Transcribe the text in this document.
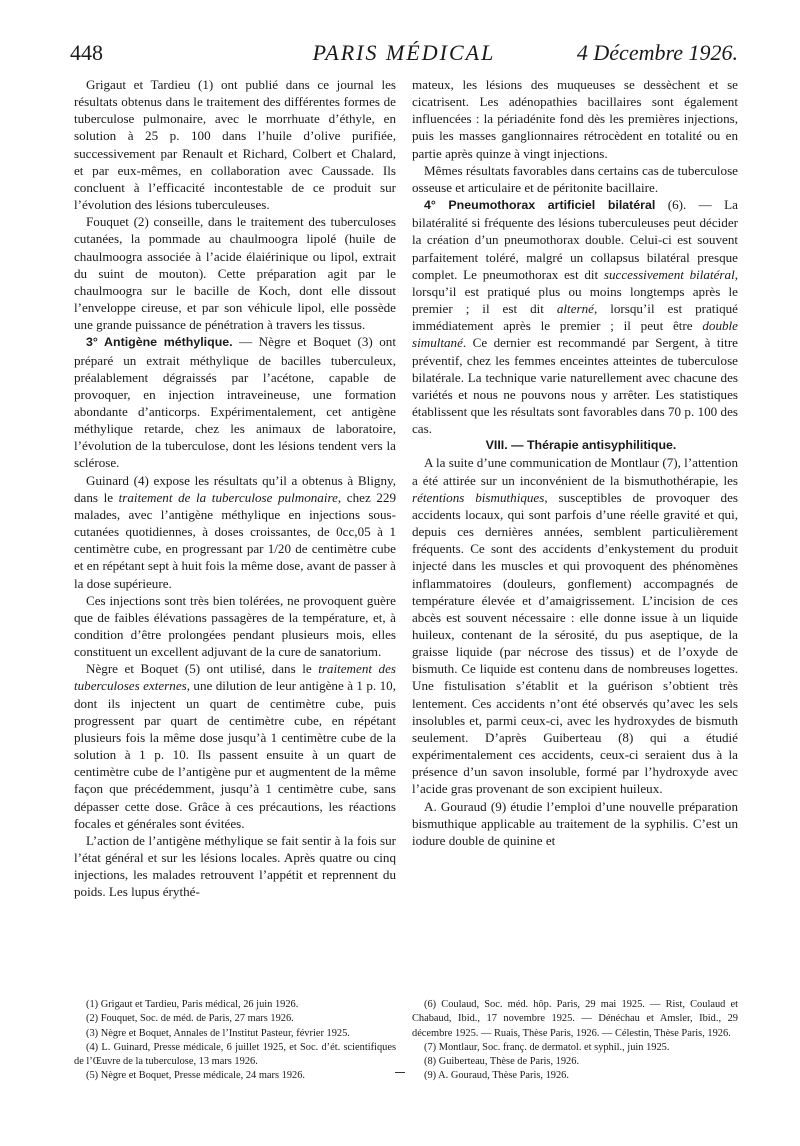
448	PARIS MÉDICAL	4 Décembre 1926.

Grigaut et Tardieu (1) ont publié dans ce journal les résultats obtenus dans le traitement des différentes formes de tuberculose pulmonaire, avec le morrhuate d’éthyle, en solution à 25 p. 100 dans l’huile d’olive purifiée, successivement par Renault et Richard, Colbert et Chalard, et par eux-mêmes, en collaboration avec Caussade. Ils concluent à l’efficacité incontestable de ce produit sur l’évolution des lésions tuberculeuses.

Fouquet (2) conseille, dans le traitement des tuberculoses cutanées, la pommade au chaulmoogra lipolé (huile de chaulmoogra associée à l’acide élaiérinique ou lipol, extrait du suint de mouton). Cette préparation agit par le chaulmoogra sur le bacille de Koch, dont elle dissout l’enveloppe cireuse, et par son véhicule lipol, elle possède une grande puissance de pénétration à travers les tissus.

3° Antigène méthylique. — Nègre et Boquet (3) ont préparé un extrait méthylique de bacilles tuberculeux, préalablement dégraissés par l’acétone, capable de provoquer, en injection intraveineuse, une formation abondante d’anticorps. Expérimentalement, cet antigène méthylique retarde, chez les animaux de laboratoire, l’évolution de la tuberculose, dont les lésions tendent vers la sclérose.

Guinard (4) expose les résultats qu’il a obtenus à Bligny, dans le traitement de la tuberculose pulmonaire, chez 229 malades, avec l’antigène méthylique en injections sous-cutanées quotidiennes, à doses croissantes, de 0cc,05 à 1 centimètre cube, en progressant par 1/20 de centimètre cube et en répétant sept à huit fois la même dose, avant de passer à la dose supérieure.

Ces injections sont très bien tolérées, ne provoquent guère que de faibles élévations passagères de la température, et, à condition d’être prolongées pendant plusieurs mois, elles constituent un excellent adjuvant de la cure de sanatorium.

Nègre et Boquet (5) ont utilisé, dans le traitement des tuberculoses externes, une dilution de leur antigène à 1 p. 10, dont ils injectent un quart de centimètre cube, puis progressent par quart de centimètre cube, en répétant plusieurs fois la même dose jusqu’à 1 centimètre cube de la solution à 1 p. 10. Ils passent ensuite à un quart de centimètre cube de l’antigène pur et augmentent de la même façon que précédemment, jusqu’à 1 centimètre cube, sans dépasser cette dose. Grâce à ces précautions, les réactions focales et générales sont évitées.

L’action de l’antigène méthylique se fait sentir à la fois sur l’état général et sur les lésions locales. Après quatre ou cinq injections, les malades retrouvent l’appétit et reprennent du poids. Les lupus érythé-

mateux, les lésions des muqueuses se dessèchent et se cicatrisent. Les adénopathies bacillaires sont également influencées : la périadénite fond dès les premières injections, puis les masses ganglionnaires rétrocèdent en totalité ou en partie après quinze à vingt injections.

Mêmes résultats favorables dans certains cas de tuberculose osseuse et articulaire et de péritonite bacillaire.

4° Pneumothorax artificiel bilatéral (6). — La bilatéralité si fréquente des lésions tuberculeuses peut décider la création d’un pneumothorax double. Celui-ci est souvent parfaitement toléré, malgré un collapsus bilatéral presque complet. Le pneumothorax est dit successivement bilatéral, lorsqu’il est pratiqué plus ou moins longtemps après le premier ; il est dit alterné, lorsqu’il est pratiqué immédiatement après le premier ; il peut être double simultané. Ce dernier est recommandé par Sergent, à titre préventif, chez les femmes enceintes atteintes de tuberculose bilatérale. La technique varie naturellement avec chacune des variétés et nous ne pouvons nous y arrêter. Les statistiques établissent que les résultats sont favorables dans 70 p. 100 des cas.

VIII. — Thérapie antisyphilitique.

A la suite d’une communication de Montlaur (7), l’attention a été attirée sur un inconvénient de la bismuthothérapie, les rétentions bismuthiques, susceptibles de provoquer des accidents locaux, qui sont parfois d’une réelle gravité et qui, depuis ces dernières années, semblent particulièrement fréquents. Ce sont des accidents d’enkystement du produit injecté dans les muscles et qui provoquent des phénomènes inflammatoires (douleurs, gonflement) accompagnés de température élevée et d’amaigrissement. L’incision de ces abcès est souvent nécessaire : elle donne issue à un liquide huileux, contenant de la sérosité, du pus aseptique, de la graisse liquide (par nécrose des tissus) et de l’oxyde de bismuth. Ce liquide est contenu dans de nombreuses logettes. Une fistulisation s’établit et la guérison s’obtient très lentement. Ces accidents n’ont été observés qu’avec les sels insolubles et, parmi ceux-ci, avec les hydroxydes de bismuth seulement. D’après Guiberteau (8) qui a étudié expérimentalement ces accidents, ceux-ci seraient dus à la présence d’un savon insoluble, formé par l’hydroxyde avec l’acide gras provenant de son excipient huileux.

A. Gouraud (9) étudie l’emploi d’une nouvelle préparation bismuthique applicable au traitement de la syphilis. C’est un iodure double de quinine et

(1) Grigaut et Tardieu, Paris médical, 26 juin 1926.

(2) Fouquet, Soc. de méd. de Paris, 27 mars 1926.

(3) Nègre et Boquet, Annales de l’Institut Pasteur, février 1925.

(4) L. Guinard, Presse médicale, 6 juillet 1925, et Soc. d’ét. scientifiques de l’Œuvre de la tuberculose, 13 mars 1926.

(5) Nègre et Boquet, Presse médicale, 24 mars 1926.

(6) Coulaud, Soc. méd. hôp. Paris, 29 mai 1925. — Rist, Coulaud et Chabaud, Ibid., 17 novembre 1925. — Dénéchau et Amsler, Ibid., 29 décembre 1925. — Ruais, Thèse Paris, 1926. — Célestin, Thèse Paris, 1926.

(7) Montlaur, Soc. franç. de dermatol. et syphil., juin 1925.

(8) Guiberteau, Thèse de Paris, 1926.

(9) A. Gouraud, Thèse Paris, 1926.
